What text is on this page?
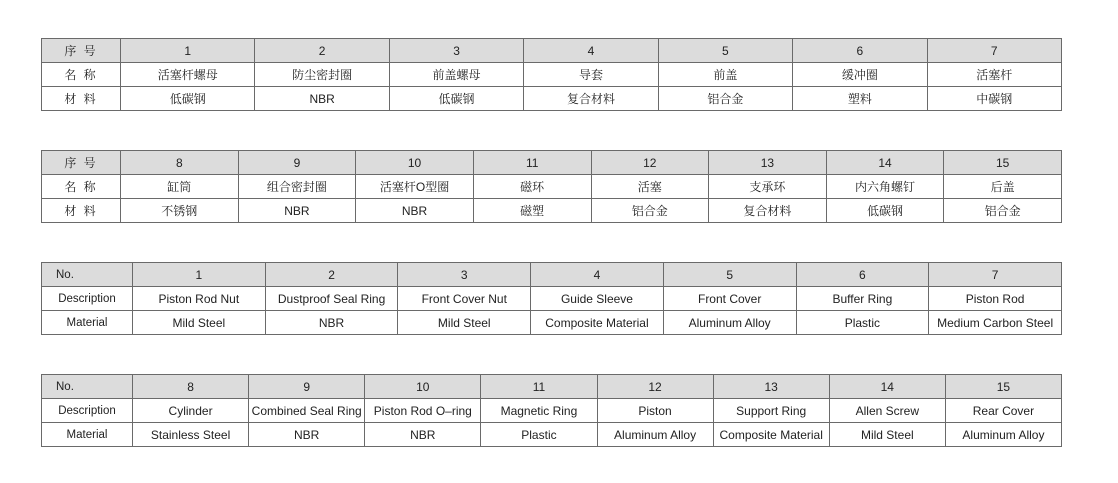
序 号	1	2	3	4	5	6	7
名 称	活塞杆螺母	防尘密封圈	前盖螺母	导套	前盖	缓冲圈	活塞杆
材 料	低碳钢	NBR	低碳钢	复合材料	铝合金	塑料	中碳钢
序 号	8	9	10	11	12	13	14	15
名 称	缸筒	组合密封圈	活塞杆O型圈	磁环	活塞	支承环	内六角螺钉	后盖
材 料	不锈钢	NBR	NBR	磁塑	铝合金	复合材料	低碳钢	铝合金
No.	1	2	3	4	5	6	7
Description	Piston Rod Nut	Dustproof Seal Ring	Front Cover Nut	Guide Sleeve	Front Cover	Buffer Ring	Piston Rod
Material	Mild Steel	NBR	Mild Steel	Composite Material	Aluminum Alloy	Plastic	Medium Carbon Steel
No.	8	9	10	11	12	13	14	15
Description	Cylinder	Combined Seal Ring	Piston Rod O–ring	Magnetic Ring	Piston	Support Ring	Allen Screw	Rear Cover
Material	Stainless Steel	NBR	NBR	Plastic	Aluminum Alloy	Composite Material	Mild Steel	Aluminum Alloy
